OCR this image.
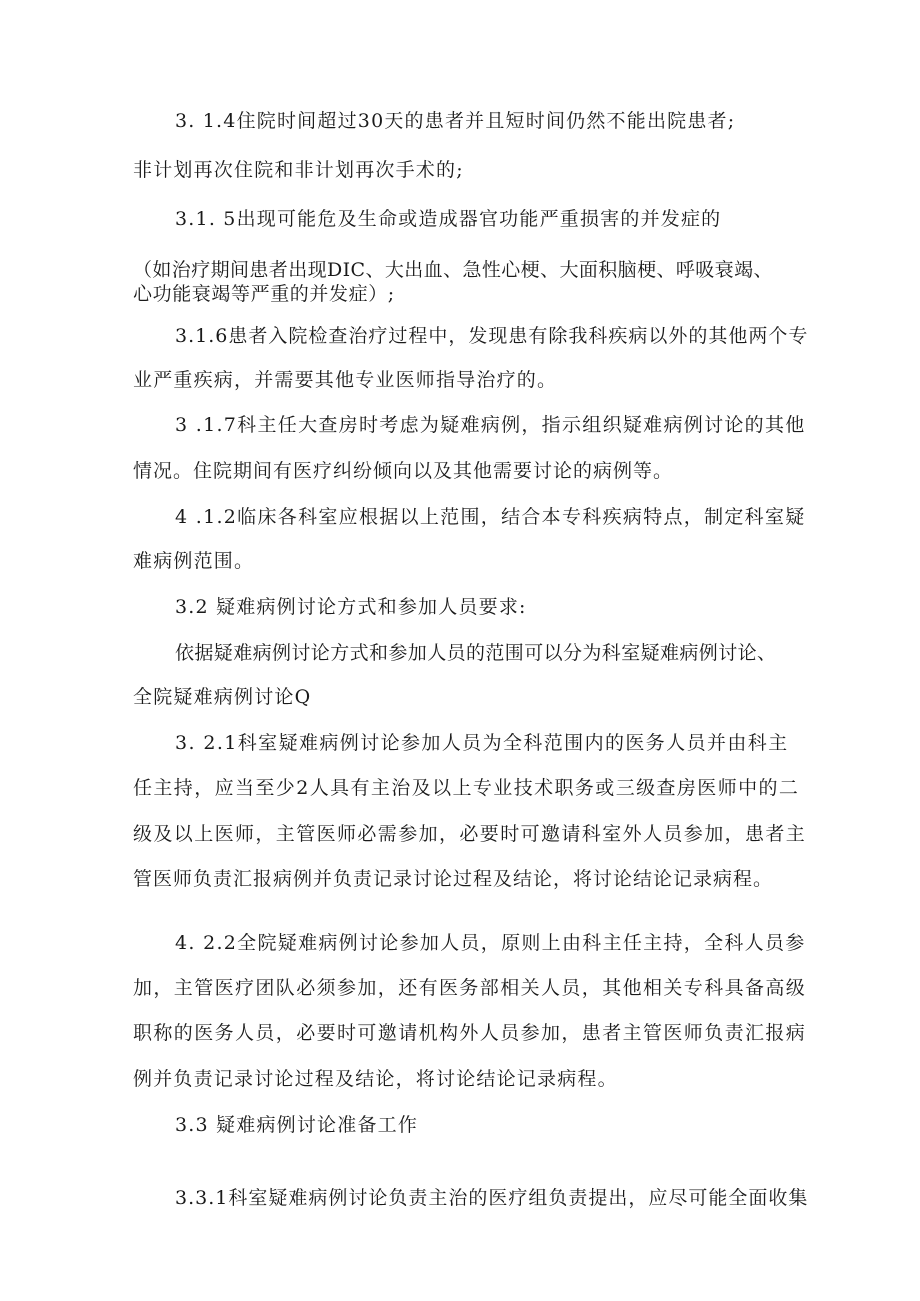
3. 1.4住院时间超过30天的患者并且短时间仍然不能出院患者;
非计划再次住院和非计划再次手术的;
3.1. 5出现可能危及生命或造成器官功能严重损害的并发症的
（如治疗期间患者出现DIC、大出血、急性心梗、大面积脑梗、呼吸衰竭、
心功能衰竭等严重的并发症）;
3.1.6患者入院检查治疗过程中，发现患有除我科疾病以外的其他两个专
业严重疾病，并需要其他专业医师指导治疗的。
3 .1.7科主任大查房时考虑为疑难病例，指示组织疑难病例讨论的其他
情况。住院期间有医疗纠纷倾向以及其他需要讨论的病例等。
4 .1.2临床各科室应根据以上范围，结合本专科疾病特点，制定科室疑
难病例范围。
3.2 疑难病例讨论方式和参加人员要求:
依据疑难病例讨论方式和参加人员的范围可以分为科室疑难病例讨论、
全院疑难病例讨论Q
3. 2.1科室疑难病例讨论参加人员为全科范围内的医务人员并由科主
任主持，应当至少2人具有主治及以上专业技术职务或三级查房医师中的二
级及以上医师，主管医师必需参加，必要时可邀请科室外人员参加，患者主
管医师负责汇报病例并负责记录讨论过程及结论，将讨论结论记录病程。
4. 2.2全院疑难病例讨论参加人员，原则上由科主任主持，全科人员参
加，主管医疗团队必须参加，还有医务部相关人员，其他相关专科具备高级
职称的医务人员，必要时可邀请机构外人员参加，患者主管医师负责汇报病
例并负责记录讨论过程及结论，将讨论结论记录病程。
3.3 疑难病例讨论准备工作
3.3.1科室疑难病例讨论负责主治的医疗组负责提出，应尽可能全面收集
